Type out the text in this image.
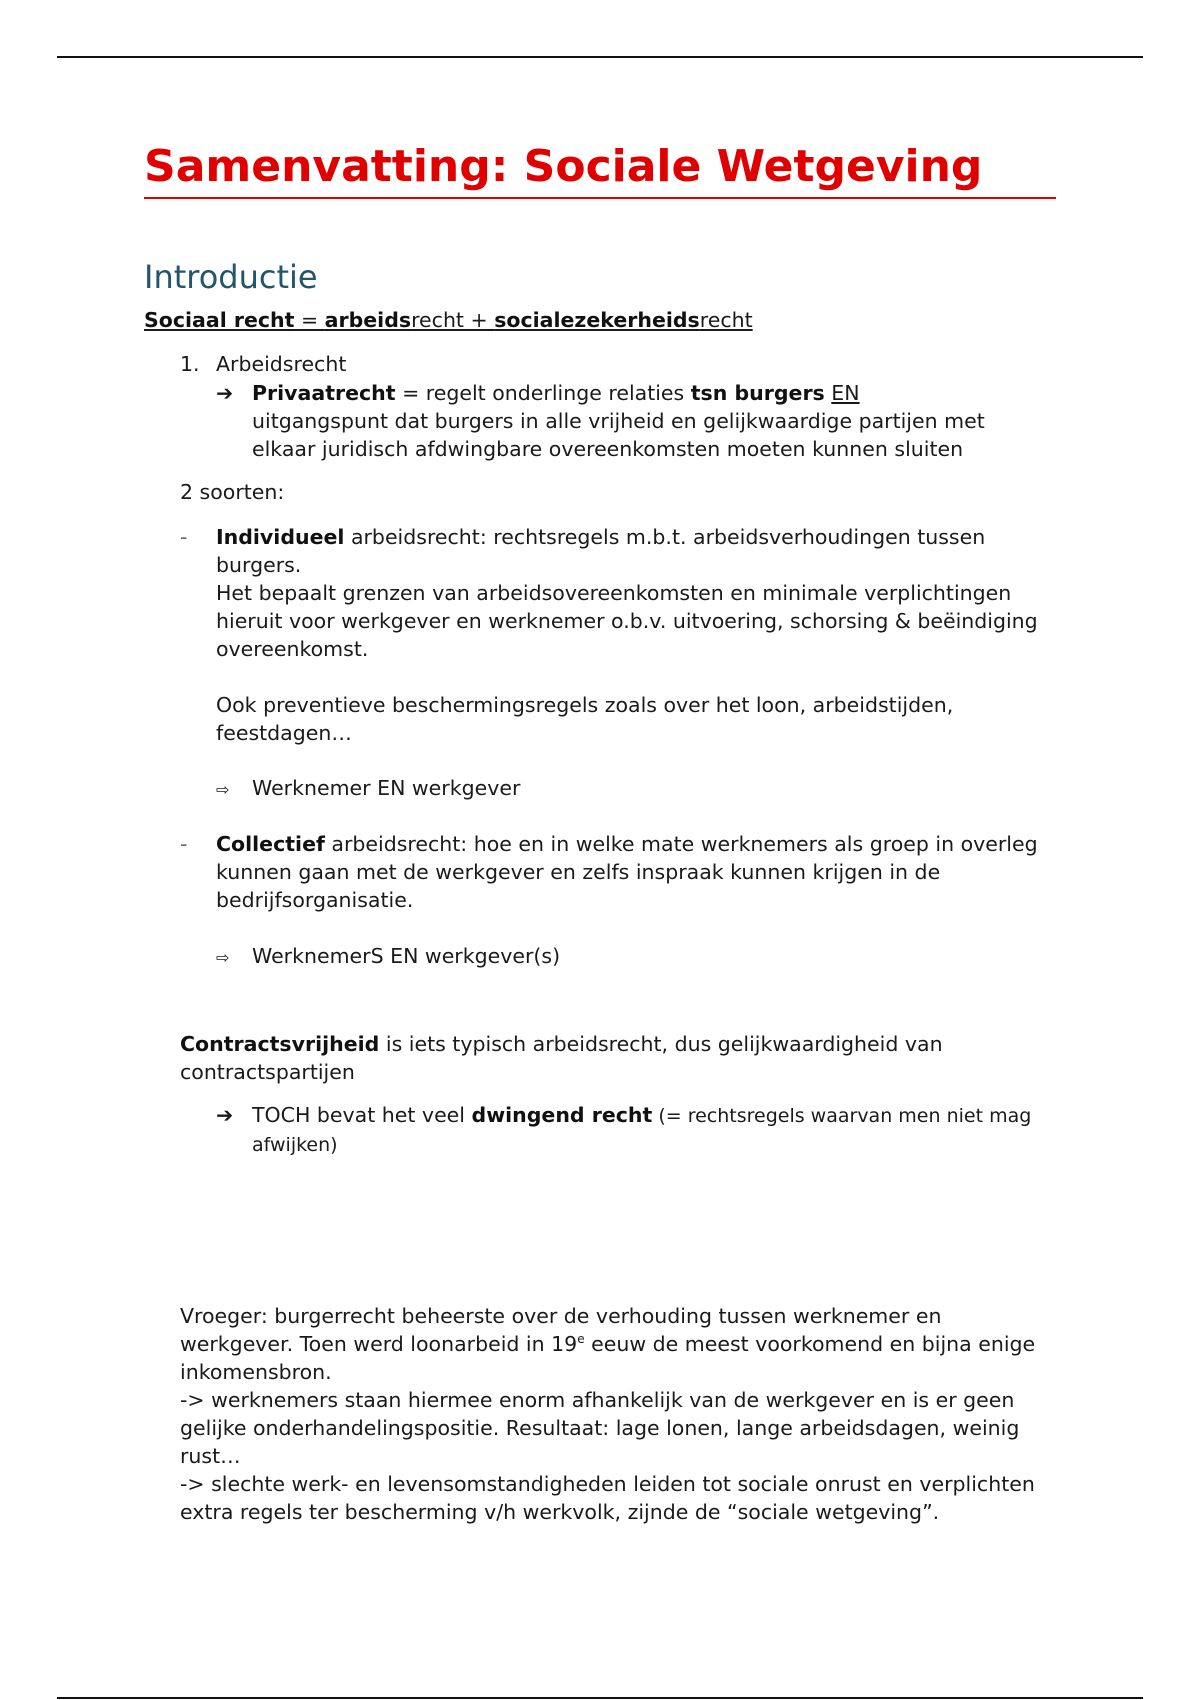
Samenvatting: Sociale Wetgeving
Introductie
Sociaal recht = arbeidsrecht + socialezekerheidsrecht
1. Arbeidsrecht
➔ Privaatrecht = regelt onderlinge relaties tsn burgers EN
uitgangspunt dat burgers in alle vrijheid en gelijkwaardige partijen met
elkaar juridisch afdwingbare overeenkomsten moeten kunnen sluiten
2 soorten:
- Individueel arbeidsrecht: rechtsregels m.b.t. arbeidsverhoudingen tussen burgers.
Het bepaalt grenzen van arbeidsovereenkomsten en minimale verplichtingen hieruit voor werkgever en werknemer o.b.v. uitvoering, schorsing & beëindiging overeenkomst.
Ook preventieve beschermingsregels zoals over het loon, arbeidstijden, feestdagen…
⇨ Werknemer EN werkgever
- Collectief arbeidsrecht: hoe en in welke mate werknemers als groep in overleg kunnen gaan met de werkgever en zelfs inspraak kunnen krijgen in de bedrijfsorganisatie.
⇨ WerknemerS EN werkgever(s)
Contractsvrijheid is iets typisch arbeidsrecht, dus gelijkwaardigheid van contractspartijen
➔ TOCH bevat het veel dwingend recht (= rechtsregels waarvan men niet mag afwijken)
Vroeger: burgerrecht beheerste over de verhouding tussen werknemer en werkgever. Toen werd loonarbeid in 19e eeuw de meest voorkomend en bijna enige inkomensbron.
-> werknemers staan hiermee enorm afhankelijk van de werkgever en is er geen gelijke onderhandelingspositie. Resultaat: lage lonen, lange arbeidsdagen, weinig rust…
-> slechte werk- en levensomstandigheden leiden tot sociale onrust en verplichten extra regels ter bescherming v/h werkvolk, zijnde de “sociale wetgeving”.
